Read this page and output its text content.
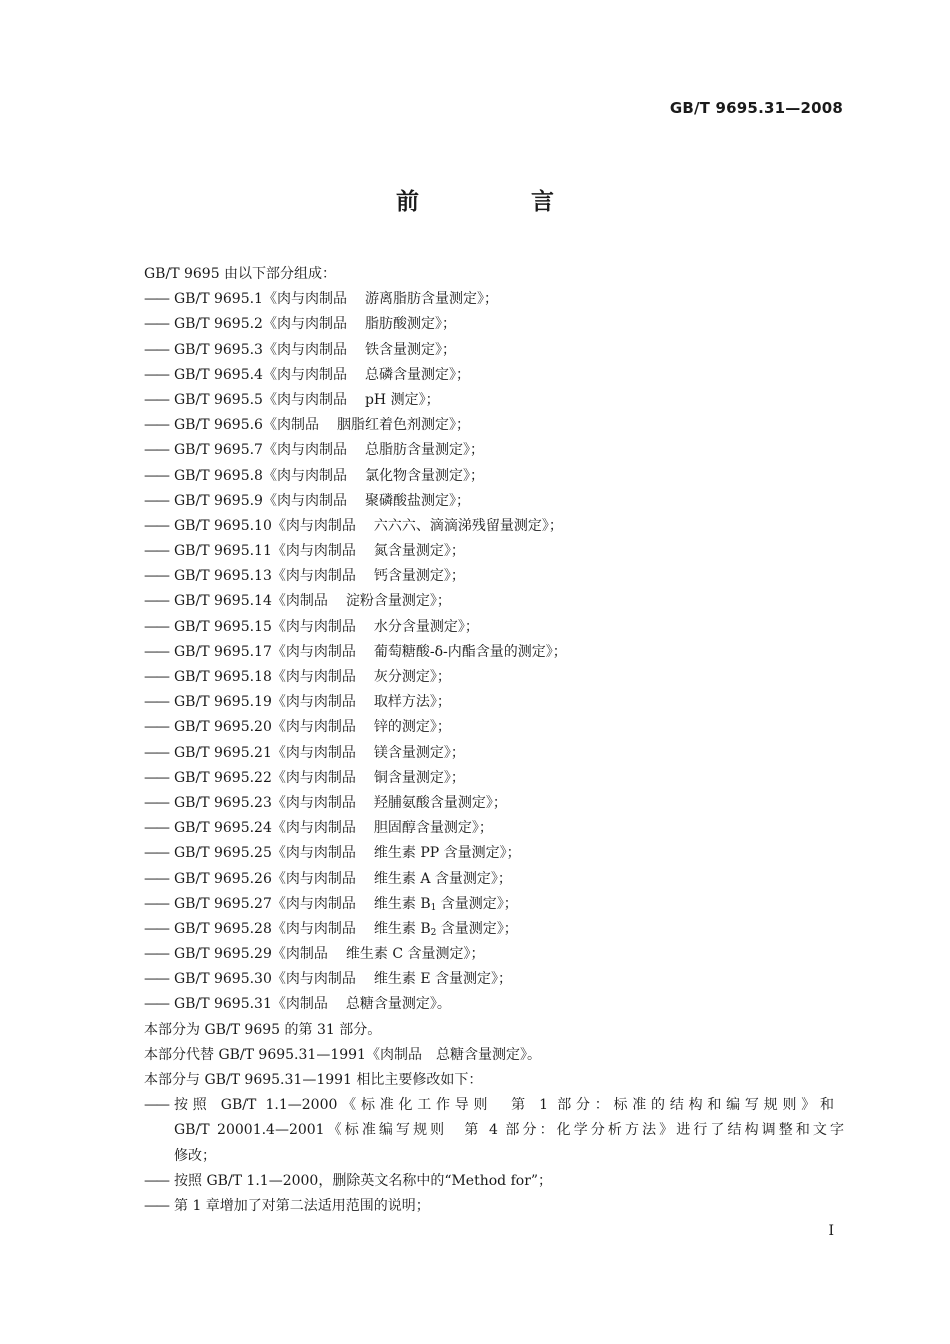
GB/T 9695.31—2008
前 言
GB/T 9695 由以下部分组成：
—— GB/T 9695.1《肉与肉制品 游离脂肪含量测定》；
—— GB/T 9695.2《肉与肉制品 脂肪酸测定》；
—— GB/T 9695.3《肉与肉制品 铁含量测定》；
—— GB/T 9695.4《肉与肉制品 总磷含量测定》；
—— GB/T 9695.5《肉与肉制品 pH 测定》；
—— GB/T 9695.6《肉制品 胭脂红着色剂测定》；
—— GB/T 9695.7《肉与肉制品 总脂肪含量测定》；
—— GB/T 9695.8《肉与肉制品 氯化物含量测定》；
—— GB/T 9695.9《肉与肉制品 聚磷酸盐测定》；
—— GB/T 9695.10《肉与肉制品 六六六、滴滴涕残留量测定》；
—— GB/T 9695.11《肉与肉制品 氮含量测定》；
—— GB/T 9695.13《肉与肉制品 钙含量测定》；
—— GB/T 9695.14《肉制品 淀粉含量测定》；
—— GB/T 9695.15《肉与肉制品 水分含量测定》；
—— GB/T 9695.17《肉与肉制品 葡萄糖酸-δ-内酯含量的测定》；
—— GB/T 9695.18《肉与肉制品 灰分测定》；
—— GB/T 9695.19《肉与肉制品 取样方法》；
—— GB/T 9695.20《肉与肉制品 锌的测定》；
—— GB/T 9695.21《肉与肉制品 镁含量测定》；
—— GB/T 9695.22《肉与肉制品 铜含量测定》；
—— GB/T 9695.23《肉与肉制品 羟脯氨酸含量测定》；
—— GB/T 9695.24《肉与肉制品 胆固醇含量测定》；
—— GB/T 9695.25《肉与肉制品 维生素 PP 含量测定》；
—— GB/T 9695.26《肉与肉制品 维生素 A 含量测定》；
—— GB/T 9695.27《肉与肉制品 维生素 $B_1$ 含量测定》；
—— GB/T 9695.28《肉与肉制品 维生素 $B_2$ 含量测定》；
—— GB/T 9695.29《肉制品 维生素 C 含量测定》；
—— GB/T 9695.30《肉与肉制品 维生素 E 含量测定》；
—— GB/T 9695.31《肉制品 总糖含量测定》。
本部分为 GB/T 9695 的第 31 部分。
本部分代替 GB/T 9695.31—1991《肉制品　总糖含量测定》。
本部分与 GB/T 9695.31—1991 相比主要修改如下：
—— 按照 GB/T 1.1—2000《标准化工作导则　第 1 部分：标准的结构和编写规则》和
GB/T 20001.4—2001《标准编写规则　第 4 部分：化学分析方法》进行了结构调整和文字
修改；
—— 按照 GB/T 1.1—2000，删除英文名称中的“Method for”；
—— 第 1 章增加了对第二法适用范围的说明；
I
